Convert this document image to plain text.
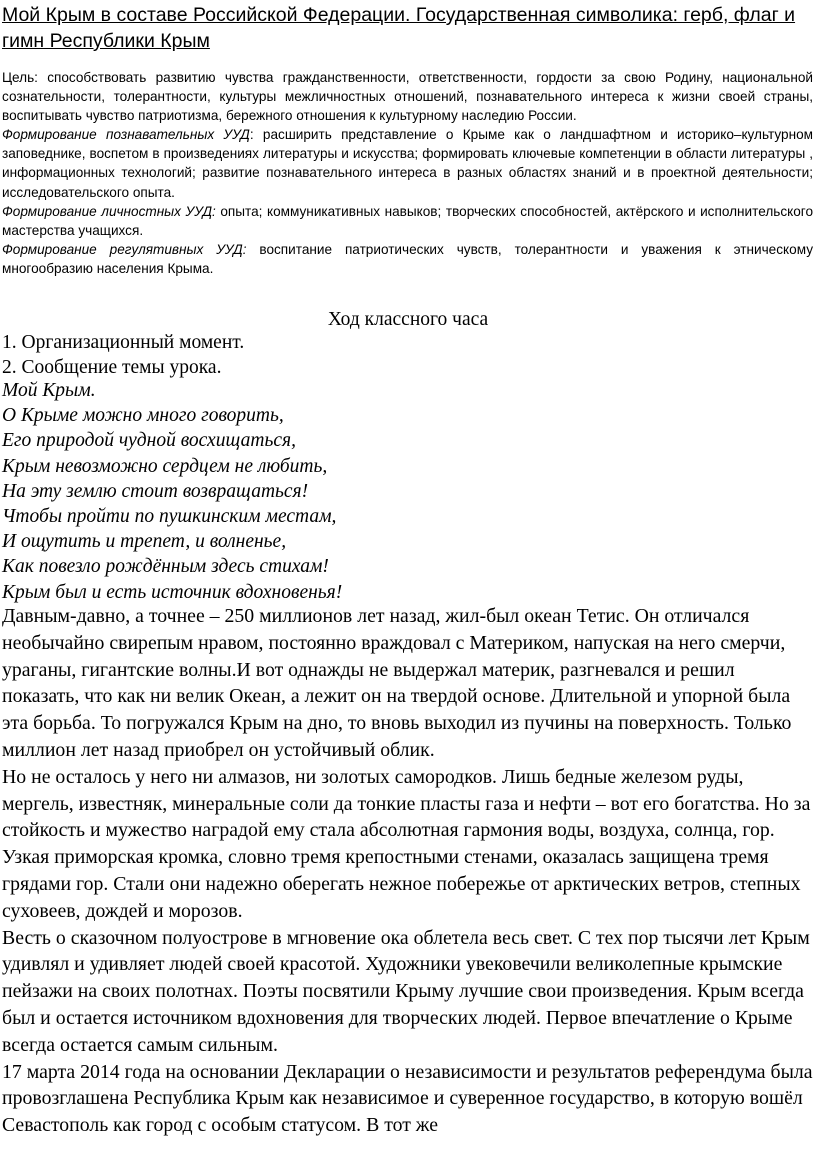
Мой Крым в составе Российской Федерации. Государственная символика: герб, флаг и гимн Республики Крым

Цель: способствовать развитию чувства гражданственности, ответственности, гордости за свою Родину, национальной сознательности, толерантности, культуры межличностных отношений, познавательного интереса к жизни своей страны, воспитывать чувство патриотизма, бережного отношения к культурному наследию России.

Формирование познавательных УУД: расширить представление о Крыме как о ландшафтном и историко–культурном заповеднике, воспетом в произведениях литературы и искусства; формировать ключевые компетенции в области литературы , информационных технологий; развитие познавательного интереса в разных областях знаний и в проектной деятельности; исследовательского опыта.

Формирование личностных УУД: опыта; коммуникативных навыков; творческих способностей, актёрского и исполнительского мастерства учащихся.

Формирование регулятивных УУД: воспитание патриотических чувств, толерантности и уважения к этническому многообразию населения Крыма.

Ход классного часа

1. Организационный момент.

2. Сообщение темы урока.

Мой Крым.

О Крыме можно много говорить,

Его природой чудной восхищаться,

Крым невозможно сердцем не любить,

На эту землю стоит возвращаться!

Чтобы пройти по пушкинским местам,

И ощутить и трепет, и волненье,

Как повезло рождённым здесь стихам!

Крым был и есть источник вдохновенья!

Давным-давно, а точнее – 250 миллионов лет назад, жил-был океан Тетис. Он отличался необычайно свирепым нравом, постоянно враждовал с Материком, напуская на него смерчи, ураганы, гигантские волны.И вот однажды не выдержал материк, разгневался и решил показать, что как ни велик Океан, а лежит он на твердой основе. Длительной и упорной была эта борьба. То погружался Крым на дно, то вновь выходил из пучины на поверхность. Только миллион лет назад приобрел он устойчивый облик.

Но не осталось у него ни алмазов, ни золотых самородков. Лишь бедные железом руды, мергель, известняк, минеральные соли да тонкие пласты газа и нефти – вот его богатства. Но за стойкость и мужество наградой ему стала абсолютная гармония воды, воздуха, солнца, гор. Узкая приморская кромка, словно тремя крепостными стенами, оказалась защищена тремя грядами гор. Стали они надежно оберегать нежное побережье от арктических ветров, степных суховеев, дождей и морозов.

Весть о сказочном полуострове в мгновение ока облетела весь свет. С тех пор тысячи лет Крым удивлял и удивляет людей своей красотой. Художники увековечили великолепные крымские пейзажи на своих полотнах. Поэты посвятили Крыму лучшие свои произведения. Крым всегда был и остается источником вдохновения для творческих людей. Первое впечатление о Крыме всегда остается самым сильным.

17 марта 2014 года на основании Декларации о независимости и результатов референдума была провозглашена Республика Крым как независимое и суверенное государство, в которую вошёл Севастополь как город с особым статусом. В тот же
